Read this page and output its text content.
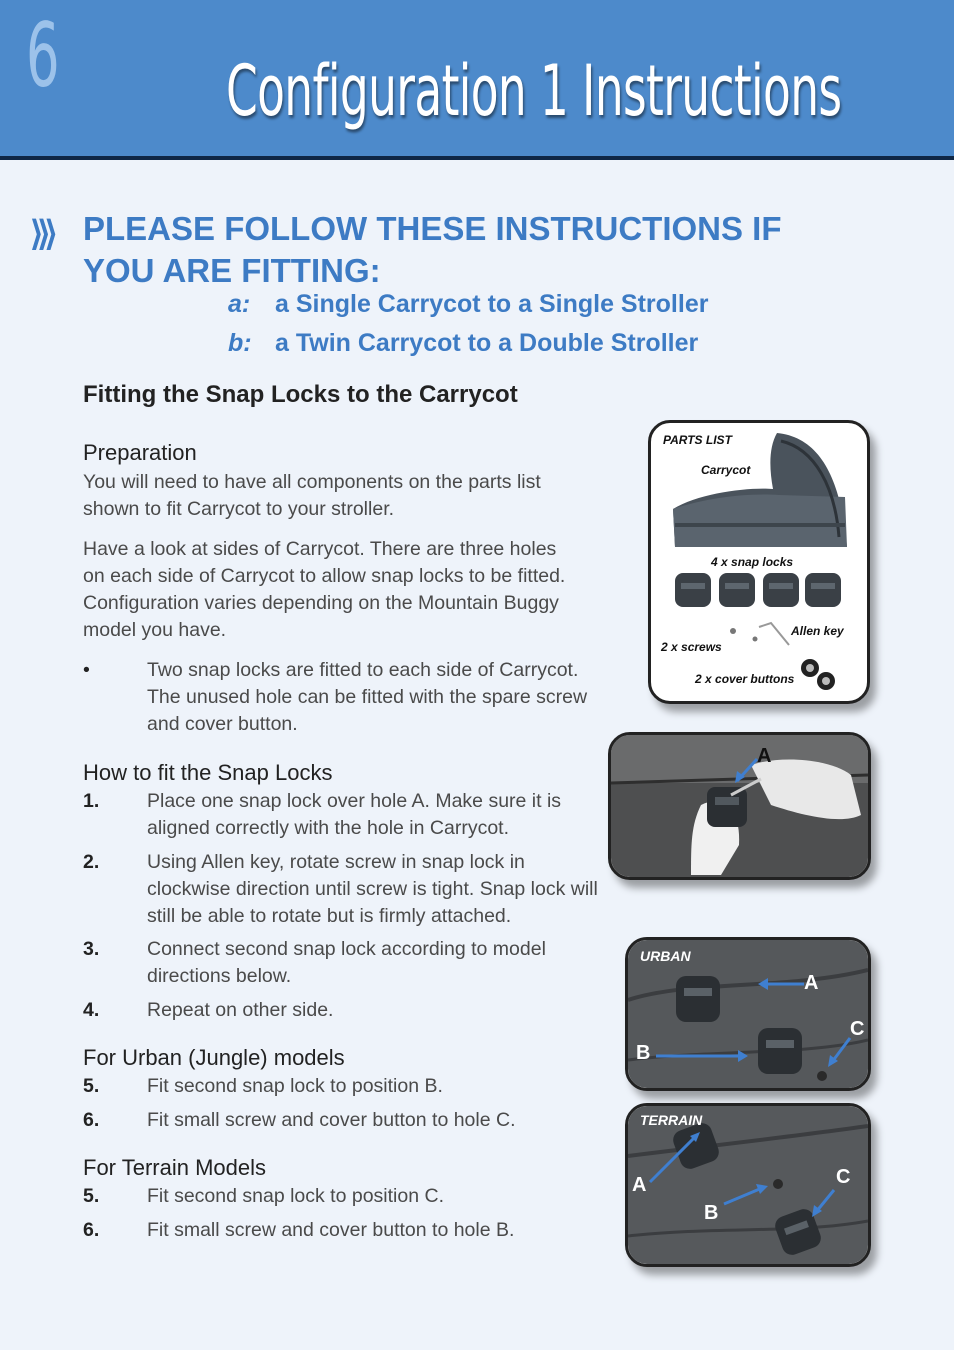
6 Configuration 1 Instructions
⟩⟩⟩ PLEASE FOLLOW THESE INSTRUCTIONS IF YOU ARE FITTING:
a: a Single Carrycot to a Single Stroller
b: a Twin Carrycot to a Double Stroller
Fitting the Snap Locks to the Carrycot
Preparation
You will need to have all components on the parts list shown to fit Carrycot to your stroller.
Have a look at sides of Carrycot. There are three holes on each side of Carrycot to allow snap locks to be fitted. Configuration varies depending on the Mountain Buggy model you have.
•	Two snap locks are fitted to each side of Carrycot. The unused hole can be fitted with the spare screw and cover button.
How to fit the Snap Locks
1. Place one snap lock over hole A. Make sure it is aligned correctly with the hole in Carrycot.
2. Using Allen key, rotate screw in snap lock in clockwise direction until screw is tight. Snap lock will still be able to rotate but is firmly attached.
3. Connect second snap lock according to model directions below.
4. Repeat on other side.
For Urban (Jungle) models
5. Fit second snap lock to position B.
6. Fit small screw and cover button to hole C.
For Terrain Models
5. Fit second snap lock to position C.
6. Fit small screw and cover button to hole B.
PARTS LIST
Carrycot
4 x snap locks
Allen key
2 x screws
2 x cover buttons
A
URBAN
A
B
C
TERRAIN
A
B
C
